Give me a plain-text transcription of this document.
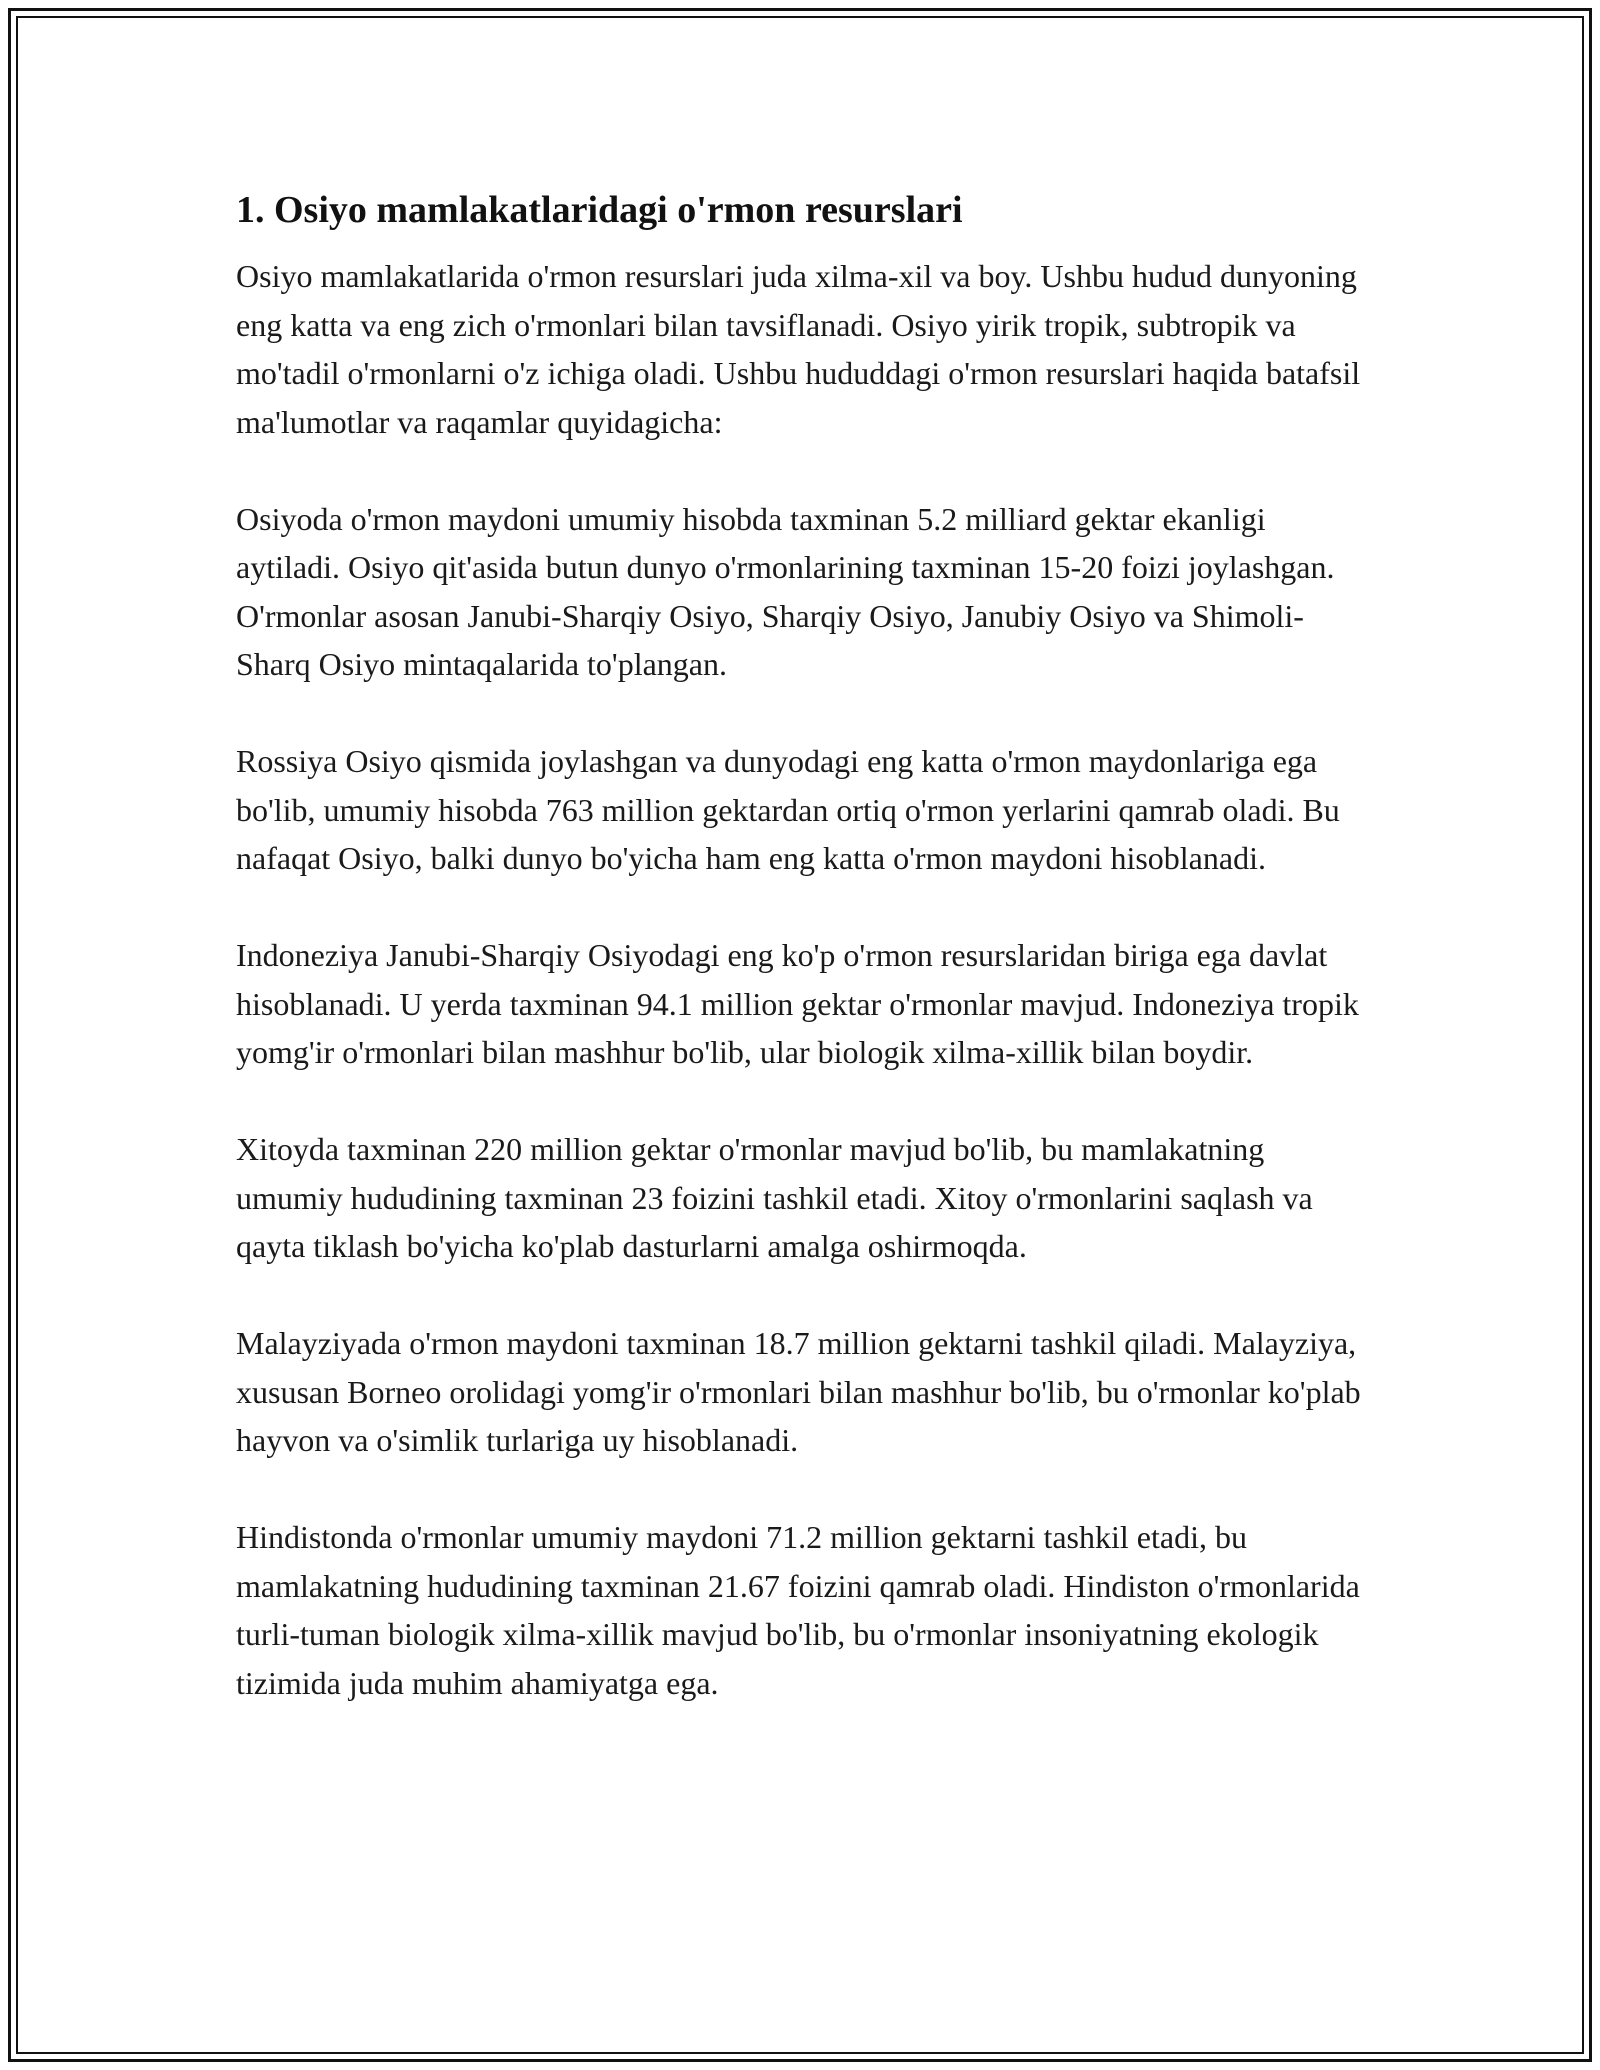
1. Osiyo mamlakatlaridagi o'rmon resurslari

Osiyo mamlakatlarida o'rmon resurslari juda xilma-xil va boy. Ushbu hudud dunyoning eng katta va eng zich o'rmonlari bilan tavsiflanadi. Osiyo yirik tropik, subtropik va mo'tadil o'rmonlarni o'z ichiga oladi. Ushbu hududdagi o'rmon resurslari haqida batafsil ma'lumotlar va raqamlar quyidagicha:

Osiyoda o'rmon maydoni umumiy hisobda taxminan 5.2 milliard gektar ekanligi aytiladi. Osiyo qit'asida butun dunyo o'rmonlarining taxminan 15-20 foizi joylashgan. O'rmonlar asosan Janubi-Sharqiy Osiyo, Sharqiy Osiyo, Janubiy Osiyo va Shimoli-Sharq Osiyo mintaqalarida to'plangan.

Rossiya Osiyo qismida joylashgan va dunyodagi eng katta o'rmon maydonlariga ega bo'lib, umumiy hisobda 763 million gektardan ortiq o'rmon yerlarini qamrab oladi. Bu nafaqat Osiyo, balki dunyo bo'yicha ham eng katta o'rmon maydoni hisoblanadi.

Indoneziya Janubi-Sharqiy Osiyodagi eng ko'p o'rmon resurslaridan biriga ega davlat hisoblanadi. U yerda taxminan 94.1 million gektar o'rmonlar mavjud. Indoneziya tropik yomg'ir o'rmonlari bilan mashhur bo'lib, ular biologik xilma-xillik bilan boydir.

Xitoyda taxminan 220 million gektar o'rmonlar mavjud bo'lib, bu mamlakatning umumiy hududining taxminan 23 foizini tashkil etadi. Xitoy o'rmonlarini saqlash va qayta tiklash bo'yicha ko'plab dasturlarni amalga oshirmoqda.

Malayziyada o'rmon maydoni taxminan 18.7 million gektarni tashkil qiladi. Malayziya, xususan Borneo orolidagi yomg'ir o'rmonlari bilan mashhur bo'lib, bu o'rmonlar ko'plab hayvon va o'simlik turlariga uy hisoblanadi.

Hindistonda o'rmonlar umumiy maydoni 71.2 million gektarni tashkil etadi, bu mamlakatning hududining taxminan 21.67 foizini qamrab oladi. Hindiston o'rmonlarida turli-tuman biologik xilma-xillik mavjud bo'lib, bu o'rmonlar insoniyatning ekologik tizimida juda muhim ahamiyatga ega.
